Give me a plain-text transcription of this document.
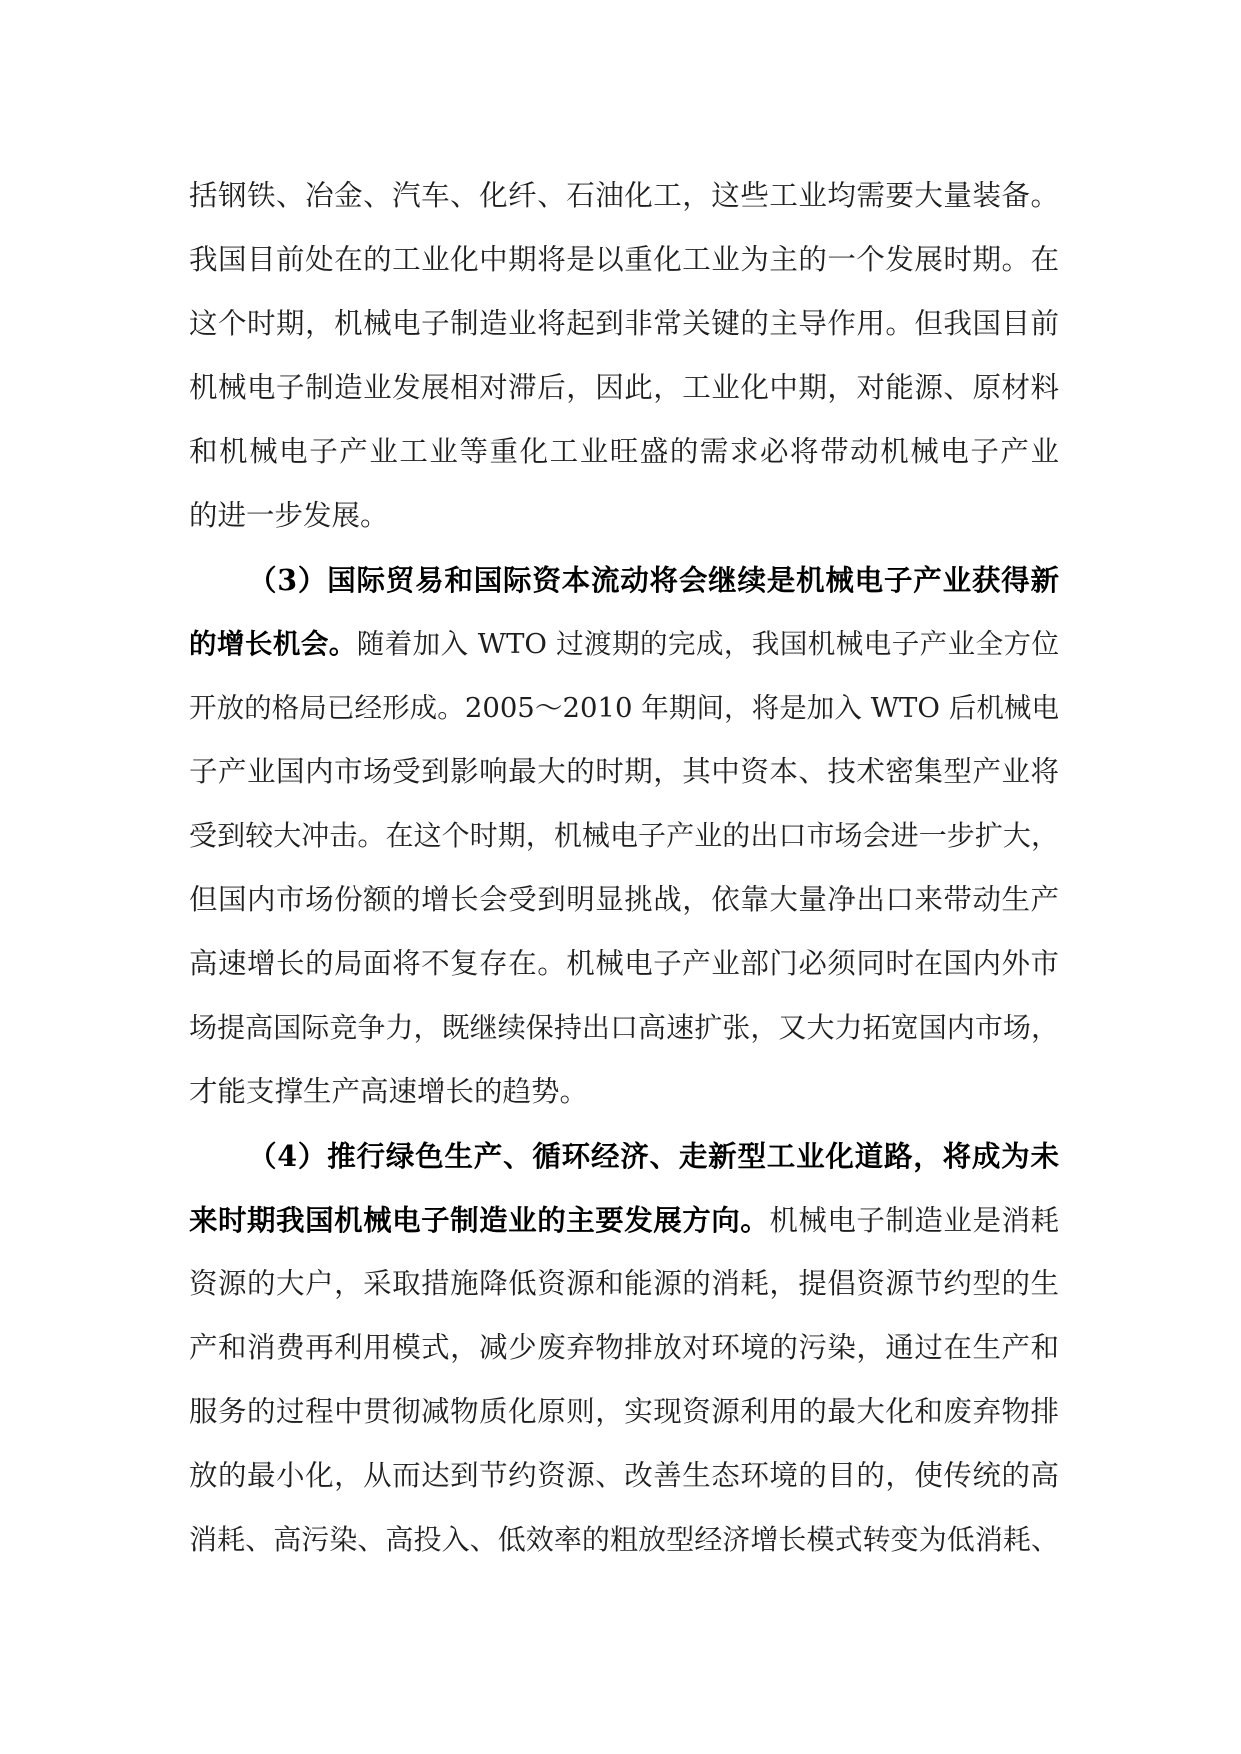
括钢铁、冶金、汽车、化纤、石油化工，这些工业均需要大量装备。
我国目前处在的工业化中期将是以重化工业为主的一个发展时期。在
这个时期，机械电子制造业将起到非常关键的主导作用。但我国目前
机械电子制造业发展相对滞后，因此，工业化中期，对能源、原材料
和机械电子产业工业等重化工业旺盛的需求必将带动机械电子产业
的进一步发展。
（3）国际贸易和国际资本流动将会继续是机械电子产业获得新
的增长机会。随着加入 WTO 过渡期的完成，我国机械电子产业全方位
开放的格局已经形成。2005～2010 年期间，将是加入 WTO 后机械电
子产业国内市场受到影响最大的时期，其中资本、技术密集型产业将
受到较大冲击。在这个时期，机械电子产业的出口市场会进一步扩大，
但国内市场份额的增长会受到明显挑战，依靠大量净出口来带动生产
高速增长的局面将不复存在。机械电子产业部门必须同时在国内外市
场提高国际竞争力，既继续保持出口高速扩张，又大力拓宽国内市场，
才能支撑生产高速增长的趋势。
（4）推行绿色生产、循环经济、走新型工业化道路，将成为未
来时期我国机械电子制造业的主要发展方向。机械电子制造业是消耗
资源的大户，采取措施降低资源和能源的消耗，提倡资源节约型的生
产和消费再利用模式，减少废弃物排放对环境的污染，通过在生产和
服务的过程中贯彻减物质化原则，实现资源利用的最大化和废弃物排
放的最小化，从而达到节约资源、改善生态环境的目的，使传统的高
消耗、高污染、高投入、低效率的粗放型经济增长模式转变为低消耗、
